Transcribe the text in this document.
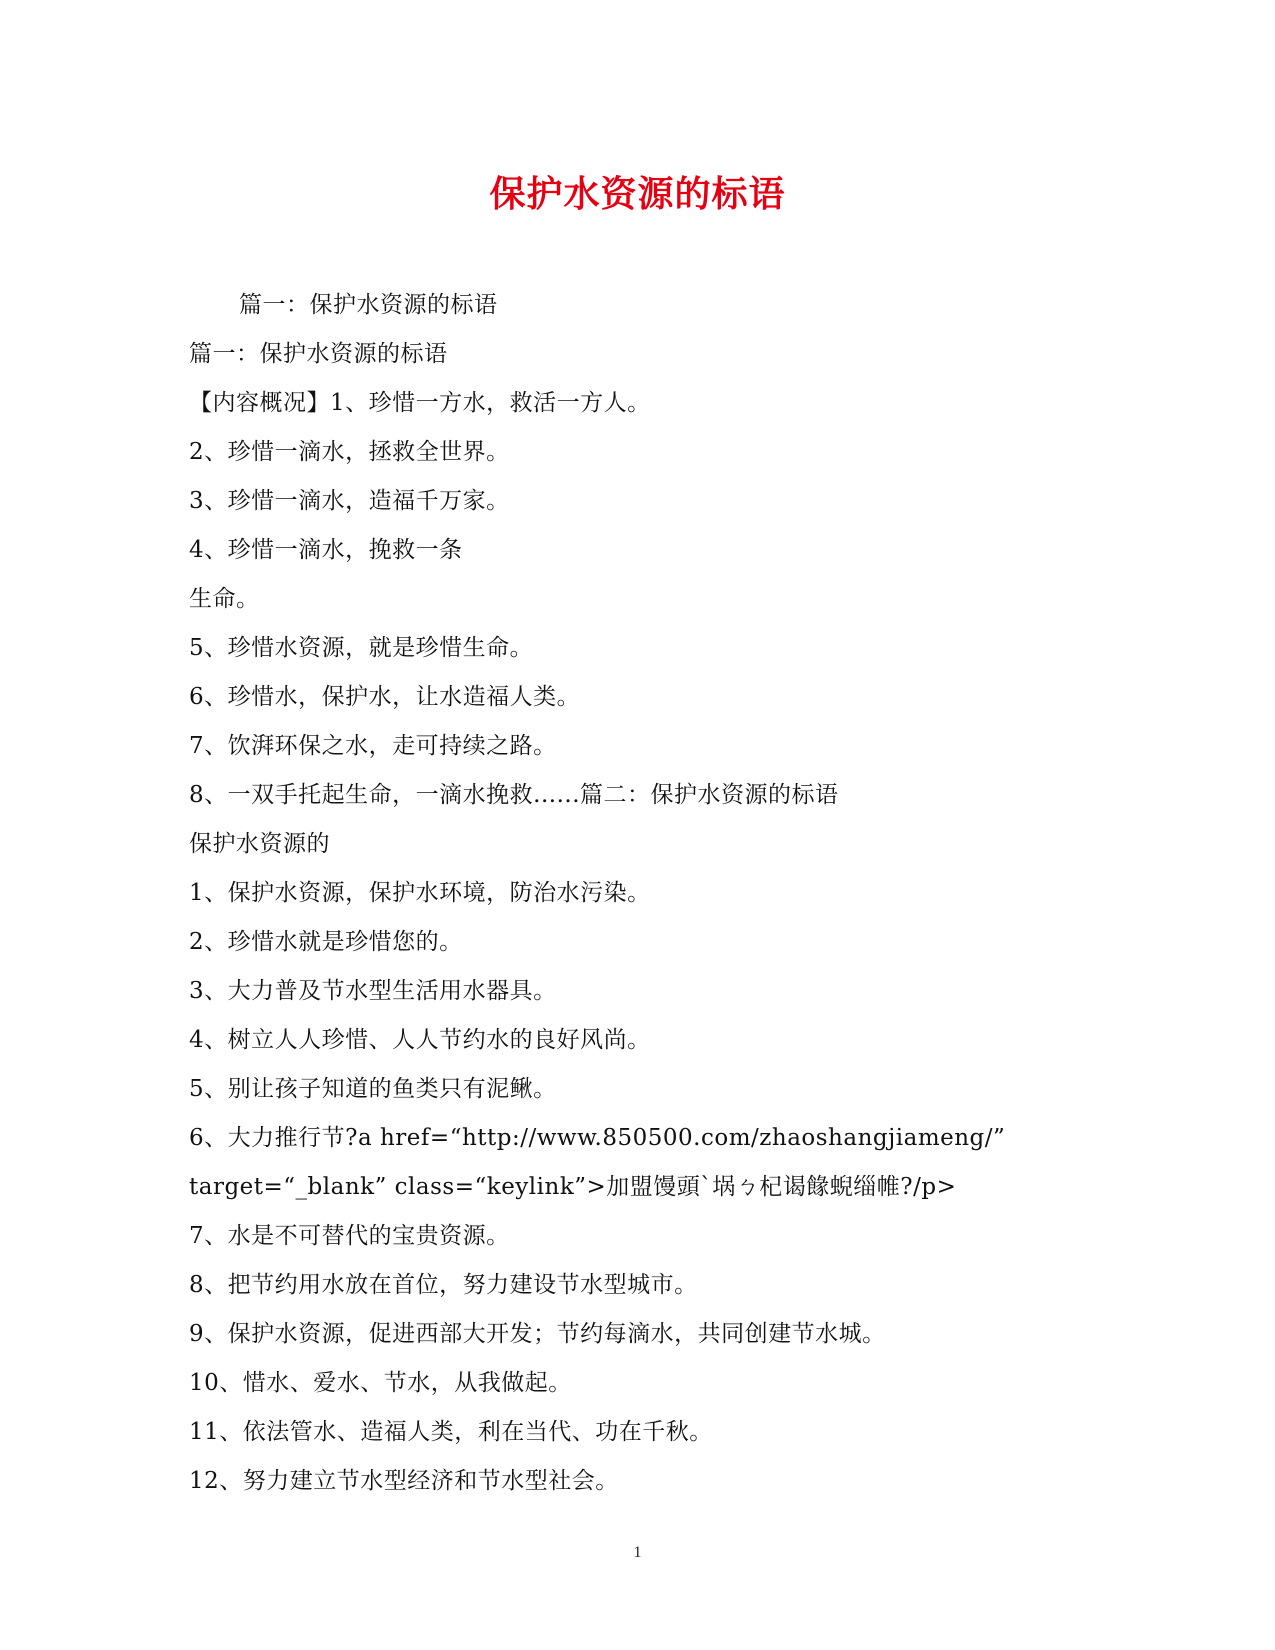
保护水资源的标语
篇一：保护水资源的标语
篇一：保护水资源的标语
【内容概况】1、珍惜一方水，救活一方人。
2、珍惜一滴水，拯救全世界。
3、珍惜一滴水，造福千万家。
4、珍惜一滴水，挽救一条
生命。
5、珍惜水资源，就是珍惜生命。
6、珍惜水，保护水，让水造福人类。
7、饮湃环保之水，走可持续之路。
8、一双手托起生命，一滴水挽救......篇二：保护水资源的标语
保护水资源的
1、保护水资源，保护水环境，防治水污染。
2、珍惜水就是珍惜您的。
3、大力普及节水型生活用水器具。
4、树立人人珍惜、人人节约水的良好风尚。
5、别让孩子知道的鱼类只有泥鳅。
6、大力推行节?a href=“http://www.850500.com/zhaoshangjiameng/”
target=“_blank” class=“keylink”>加盟馒頭ˋ埚ㄅ杞谒餯蜺缁帷?/p>
7、水是不可替代的宝贵资源。
8、把节约用水放在首位，努力建设节水型城市。
9、保护水资源，促进西部大开发；节约每滴水，共同创建节水城。
10、惜水、爱水、节水，从我做起。
11、依法管水、造福人类，利在当代、功在千秋。
12、努力建立节水型经济和节水型社会。
1
